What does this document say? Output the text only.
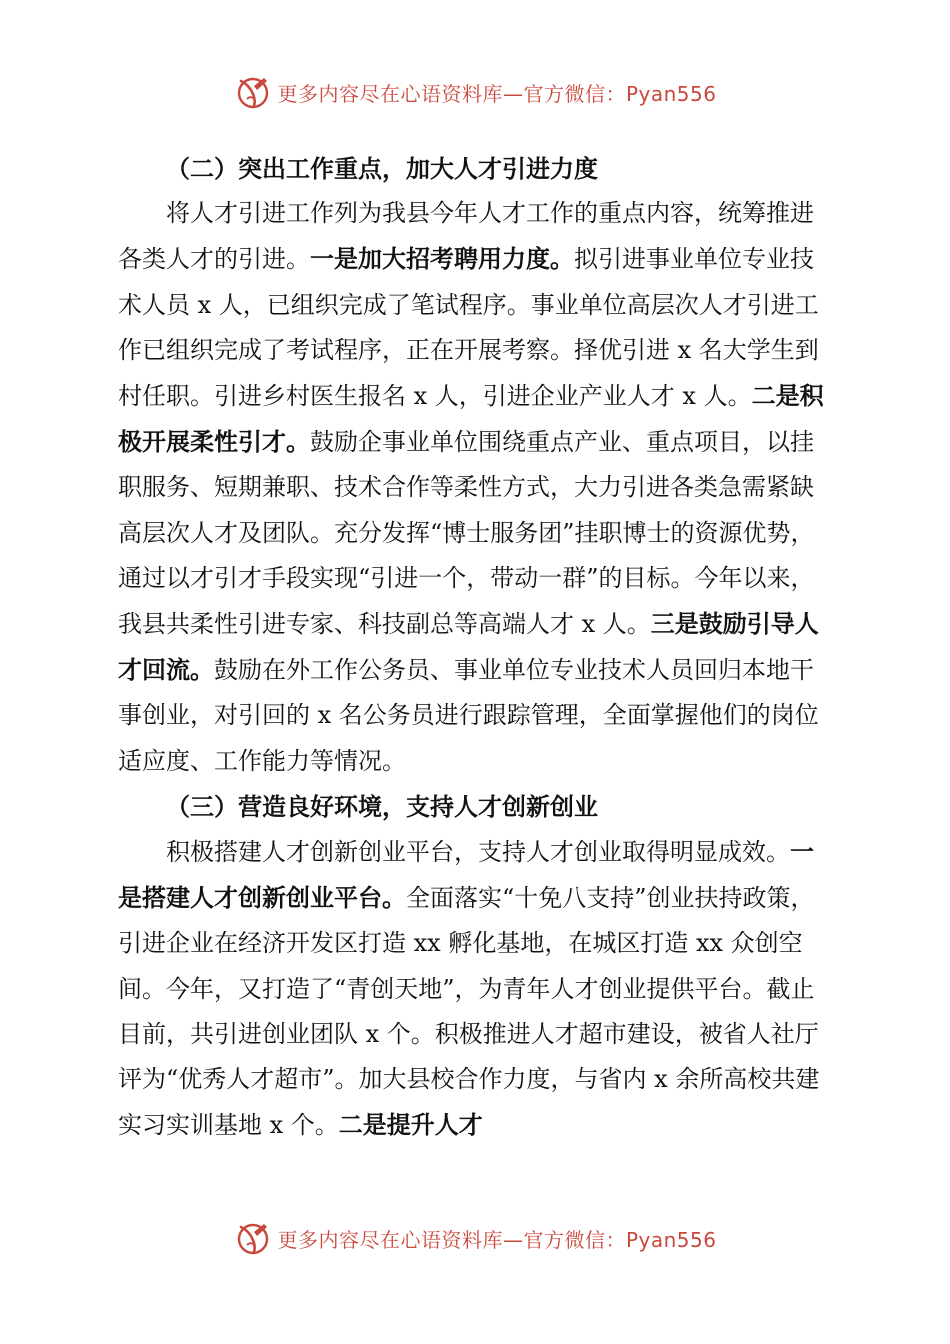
更多内容尽在心语资料库—官方微信：Pyan556

（二）突出工作重点，加大人才引进力度

将人才引进工作列为我县今年人才工作的重点内容，统筹推进各类人才的引进。一是加大招考聘用力度。拟引进事业单位专业技术人员 x 人，已组织完成了笔试程序。事业单位高层次人才引进工作已组织完成了考试程序，正在开展考察。择优引进 x 名大学生到村任职。引进乡村医生报名 x 人，引进企业产业人才 x 人。二是积极开展柔性引才。鼓励企事业单位围绕重点产业、重点项目，以挂职服务、短期兼职、技术合作等柔性方式，大力引进各类急需紧缺高层次人才及团队。充分发挥“博士服务团”挂职博士的资源优势，通过以才引才手段实现“引进一个，带动一群”的目标。今年以来，我县共柔性引进专家、科技副总等高端人才 x 人。三是鼓励引导人才回流。鼓励在外工作公务员、事业单位专业技术人员回归本地干事创业，对引回的 x 名公务员进行跟踪管理，全面掌握他们的岗位适应度、工作能力等情况。

（三）营造良好环境，支持人才创新创业

积极搭建人才创新创业平台，支持人才创业取得明显成效。一是搭建人才创新创业平台。全面落实“十免八支持”创业扶持政策，引进企业在经济开发区打造 xx 孵化基地，在城区打造 xx 众创空间。今年，又打造了“青创天地”，为青年人才创业提供平台。截止目前，共引进创业团队 x 个。积极推进人才超市建设，被省人社厅评为“优秀人才超市”。加大县校合作力度，与省内 x 余所高校共建实习实训基地 x 个。二是提升人才

更多内容尽在心语资料库—官方微信：Pyan556
